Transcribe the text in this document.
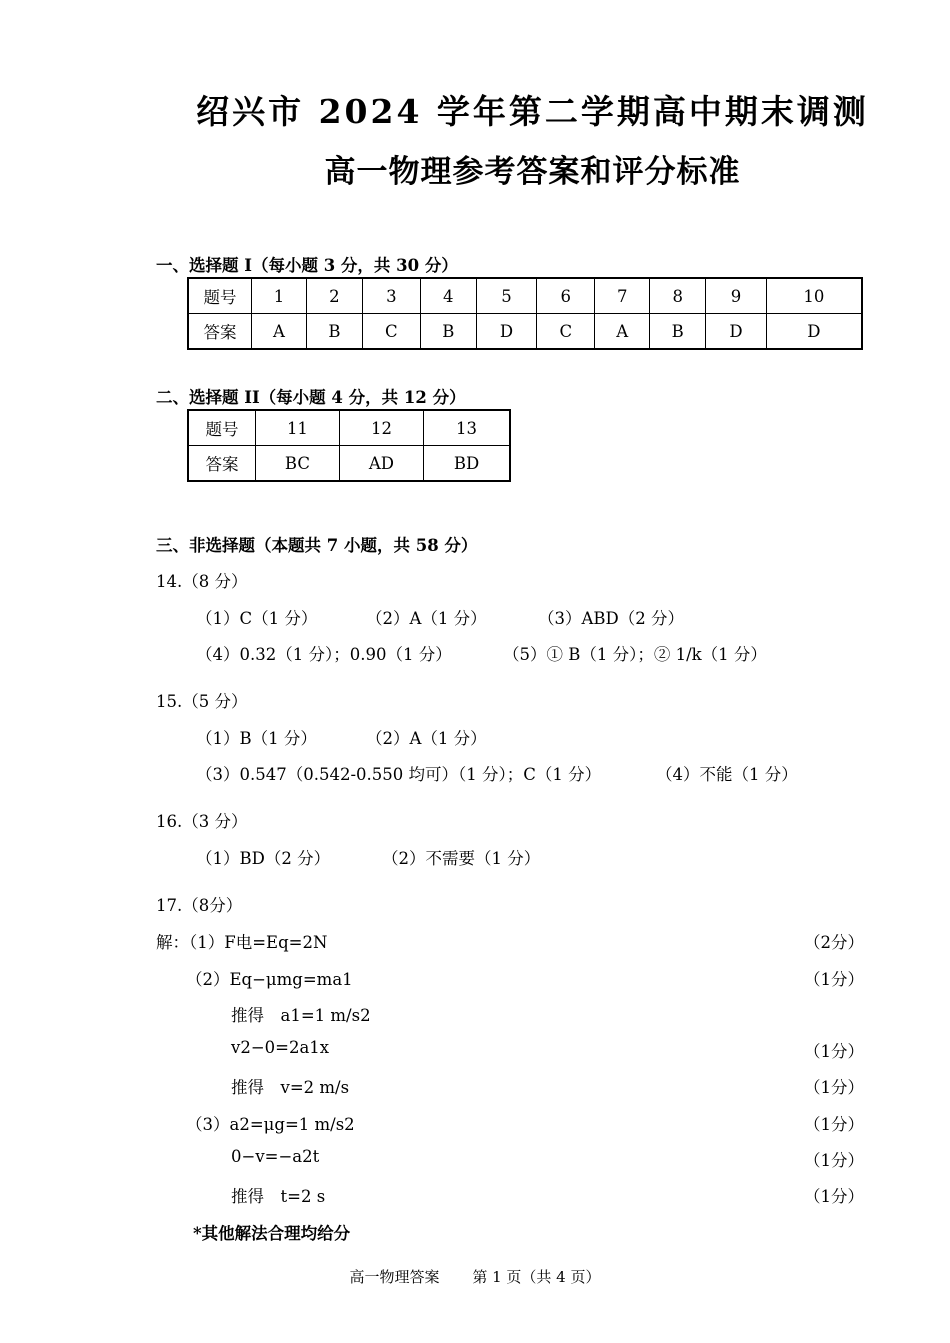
绍兴市 2024 学年第二学期高中期末调测
高一物理参考答案和评分标准
一、选择题 I（每小题 3 分，共 30 分）
题号	1	2	3	4	5	6	7	8	9	10
答案	A	B	C	B	D	C	A	B	D	D
二、选择题 II（每小题 4 分，共 12 分）
题号	11	12	13
答案	BC	AD	BD
三、非选择题（本题共 7 小题，共 58 分）
14.（8 分）
（1）C（1 分）	（2）A（1 分）	（3）ABD（2 分）
（4）0.32（1 分）；0.90（1 分）	（5）① B（1 分）；② 1/k（1 分）
15.（5 分）
（1）B（1 分）	（2）A（1 分）
（3）0.547（0.542-0.550 均可）（1 分）；C（1 分）	（4）不能（1 分）
16.（3 分）
（1）BD（2 分）	（2）不需要（1 分）
17.（8分）
解：（1）F电=Eq=2N	（2分）
（2）Eq−μmg=ma1	（1分）
推得　a1=1 m/s2
v2−0=2a1x	（1分）
推得　v=2 m/s	（1分）
（3）a2=μg=1 m/s2	（1分）
0−v=−a2t	（1分）
推得　t=2 s	（1分）
*其他解法合理均给分
高一物理答案 第 1 页（共 4 页）
